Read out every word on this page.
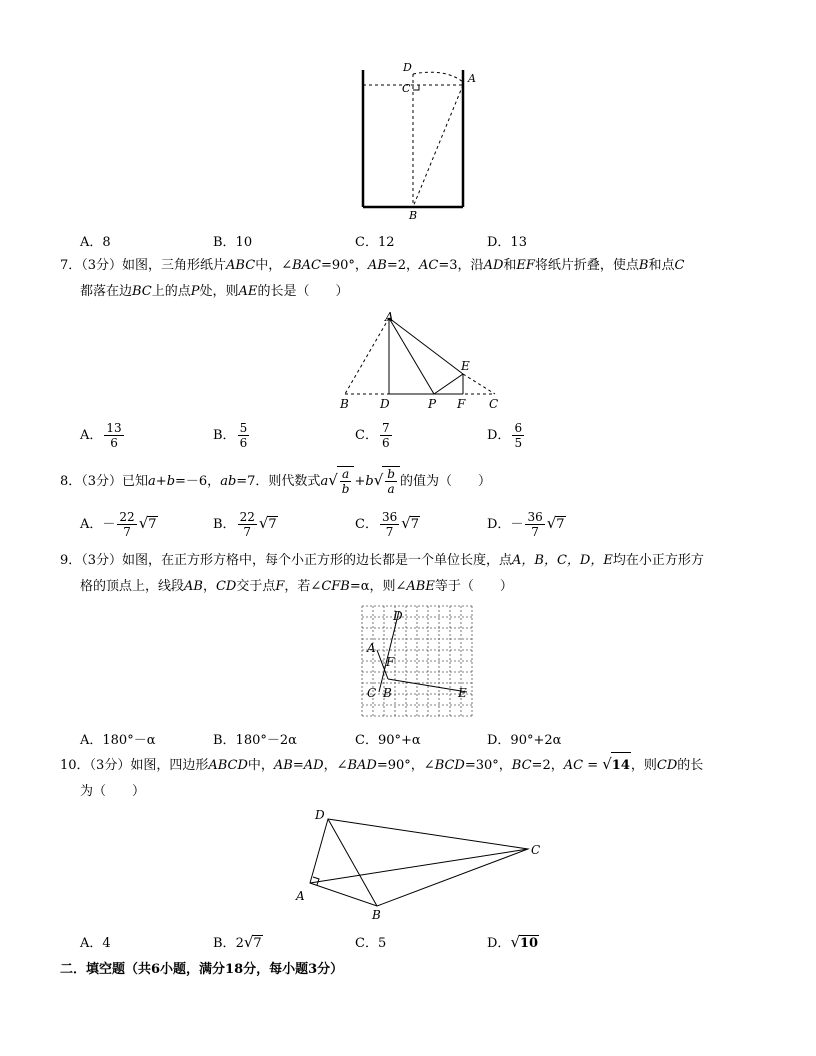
D
C
A
B
A．8	B．10	C．12	D．13
7．（3分）如图，三角形纸片ABC中，∠BAC=90°，AB=2，AC=3，沿AD和EF将纸片折叠，使点B和点C
都落在边BC上的点P处，则AE的长是（　　）
A
B	D	P F C
E
A． $\frac{13}{6}$	B． $\frac{5}{6}$	C． $\frac{7}{6}$	D． $\frac{6}{5}$
8．（3分）已知a+b=－6，ab=7．则代数式$a√ \frac{a}{b} +b√ \frac{b}{a}$ 的值为（　　）
A．－ $\frac{22}{7} √7$	B． $\frac{22}{7} √7$	C． $\frac{36}{7} √7$	D．－ $\frac{36}{7} √7$
9．（3分）如图，在正方形方格中，每个小正方形的边长都是一个单位长度，点A，B，C，D，E均在小正方形方
格的顶点上，线段AB，CD交于点F，若∠CFB=α，则∠ABE等于（　　）
D
A
F
C B	E
A．180°－α	B．180°－2α	C．90°+α	D．90°+2α
10．（3分）如图，四边形ABCD中，AB=AD，∠BAD=90°，∠BCD=30°，BC=2，AC = √14，则CD的长
为（　　）
D
C
A
B
A．4	B．2√7	C．5	D．√10
二．填空题（共6小题，满分18分，每小题3分）
